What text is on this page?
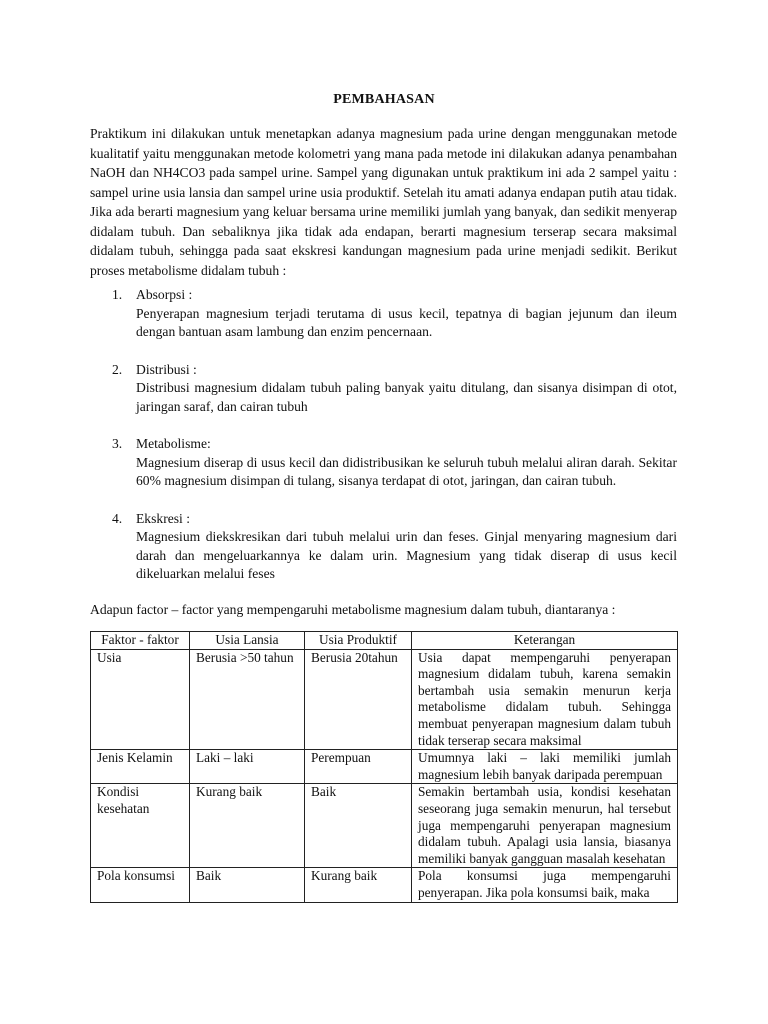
PEMBAHASAN

Praktikum ini dilakukan untuk menetapkan adanya magnesium pada urine dengan menggunakan metode kualitatif yaitu menggunakan metode kolometri yang mana pada metode ini dilakukan adanya penambahan NaOH dan NH4CO3 pada sampel urine. Sampel yang digunakan untuk praktikum ini ada 2 sampel yaitu : sampel urine usia lansia dan sampel urine usia produktif. Setelah itu amati adanya endapan putih atau tidak. Jika ada berarti magnesium yang keluar bersama urine memiliki jumlah yang banyak, dan sedikit menyerap didalam tubuh. Dan sebaliknya jika tidak ada endapan, berarti magnesium terserap secara maksimal didalam tubuh, sehingga pada saat ekskresi kandungan magnesium pada urine menjadi sedikit. Berikut proses metabolisme didalam tubuh :

1. Absorpsi :
Penyerapan magnesium terjadi terutama di usus kecil, tepatnya di bagian jejunum dan ileum dengan bantuan asam lambung dan enzim pencernaan.
2. Distribusi :
Distribusi magnesium didalam tubuh paling banyak yaitu ditulang, dan sisanya disimpan di otot, jaringan saraf, dan cairan tubuh
3. Metabolisme:
Magnesium diserap di usus kecil dan didistribusikan ke seluruh tubuh melalui aliran darah. Sekitar 60% magnesium disimpan di tulang, sisanya terdapat di otot, jaringan, dan cairan tubuh.
4. Ekskresi :
Magnesium diekskresikan dari tubuh melalui urin dan feses. Ginjal menyaring magnesium dari darah dan mengeluarkannya ke dalam urin. Magnesium yang tidak diserap di usus kecil dikeluarkan melalui feses

Adapun factor – factor yang mempengaruhi metabolisme magnesium dalam tubuh, diantaranya :

Faktor - faktor	Usia Lansia	Usia Produktif	Keterangan
Usia	Berusia >50 tahun	Berusia 20tahun	Usia dapat mempengaruhi penyerapan magnesium didalam tubuh, karena semakin bertambah usia semakin menurun kerja metabolisme didalam tubuh. Sehingga membuat penyerapan magnesium dalam tubuh tidak terserap secara maksimal
Jenis Kelamin	Laki – laki	Perempuan	Umumnya laki – laki memiliki jumlah magnesium lebih banyak daripada perempuan
Kondisi kesehatan	Kurang baik	Baik	Semakin bertambah usia, kondisi kesehatan seseorang juga semakin menurun, hal tersebut juga mempengaruhi penyerapan magnesium didalam tubuh. Apalagi usia lansia, biasanya memiliki banyak gangguan masalah kesehatan
Pola konsumsi	Baik	Kurang baik	Pola konsumsi juga mempengaruhi penyerapan. Jika pola konsumsi baik, maka
